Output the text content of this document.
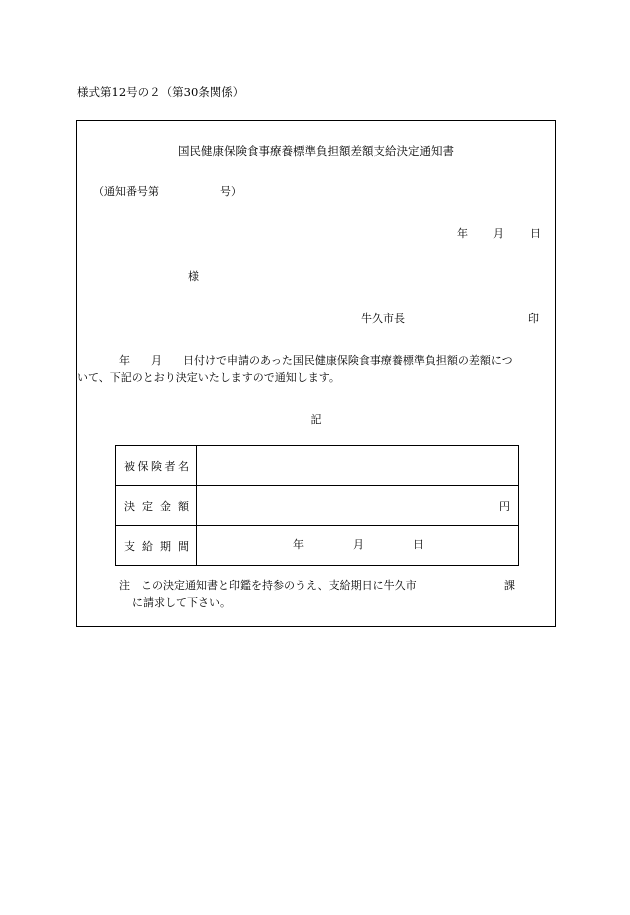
様式第12号の２（第30条関係）
国民健康保険食事療養標準負担額差額支給決定通知書
（通知番号第	号）
年 月 日
様
牛久市長	印
年 月 日付けで申請のあった国民健康保険食事療養標準負担額の差額につ
いて、下記のとおり決定いたしますので通知します。
記
被保険者名	
決定金額	円
支給期間	年 月 日
注　この決定通知書と印鑑を持参のうえ、支給期日に牛久市	課
に請求して下さい。
